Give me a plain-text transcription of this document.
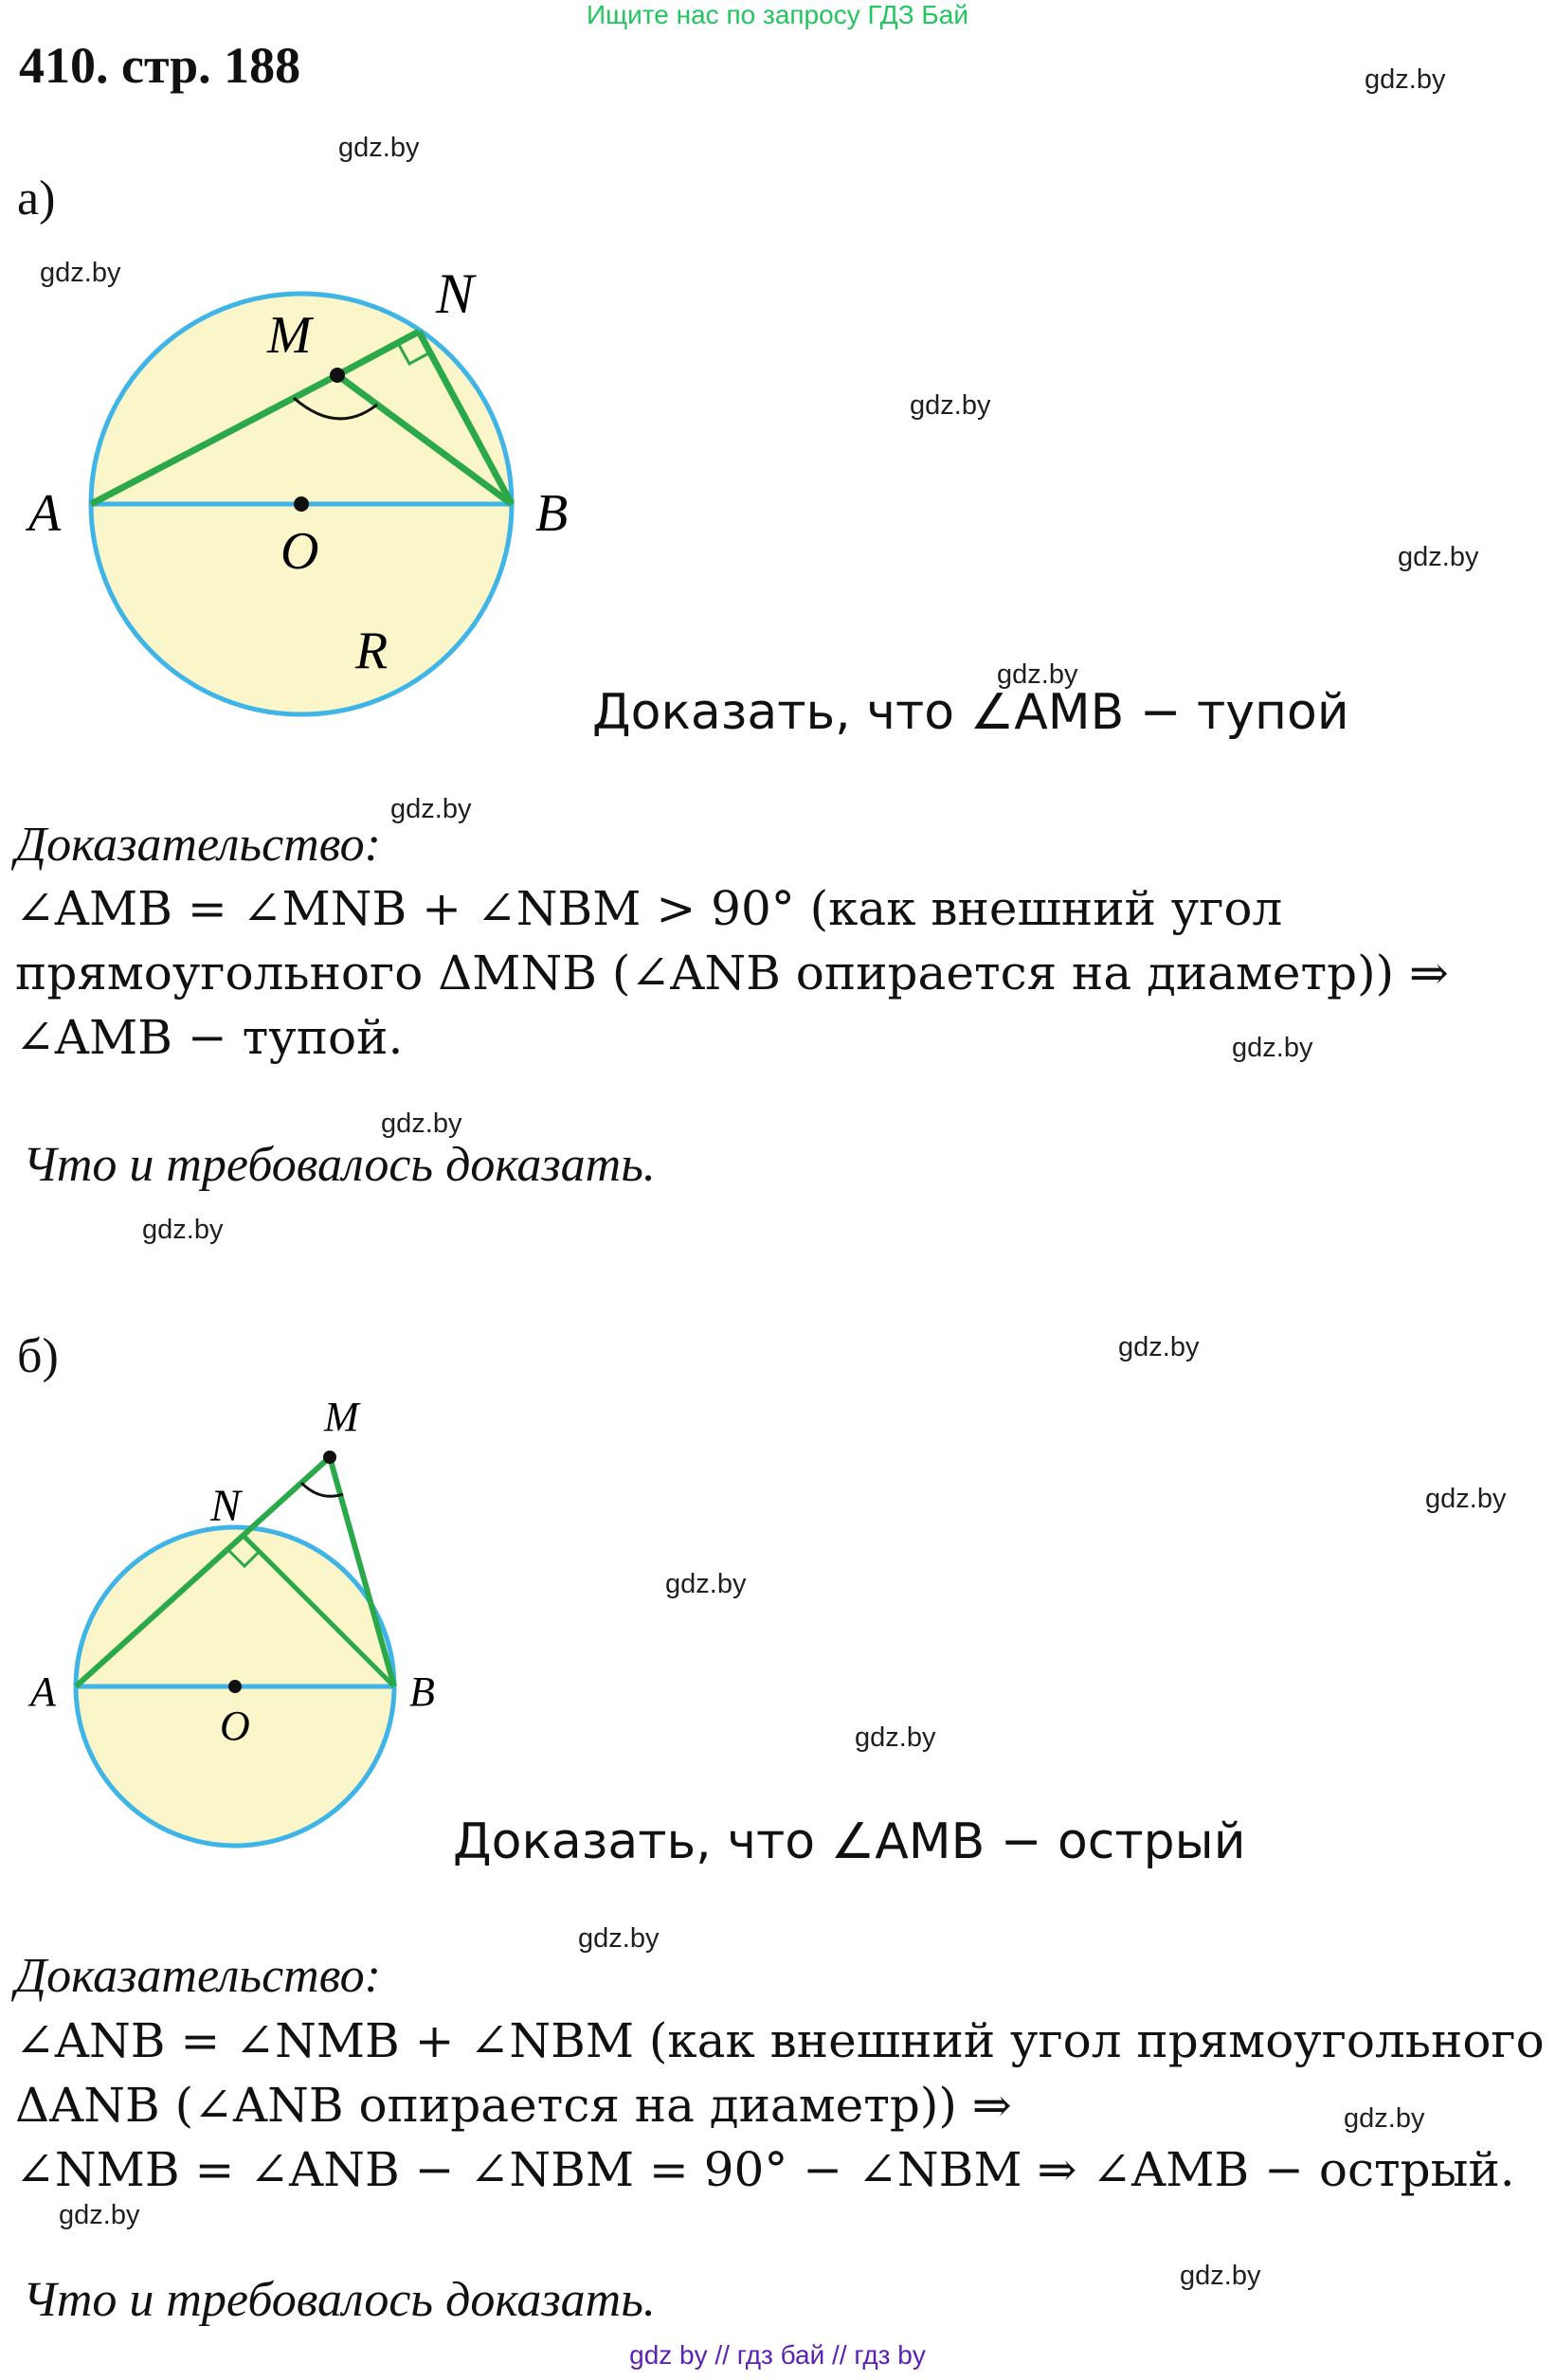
Ищите нас по запросу ГДЗ Бай
410. стр. 188	gdz.by
gdz.by
gdz.by
gdz.by
gdz.by
gdz.by
gdz.by
gdz.by
gdz.by
gdz.by
gdz.by
gdz.by
gdz.by
gdz.by
gdz.by
gdz.by
gdz.by
gdz.by
а)
A	B
M
N
O
R
Доказать, что ∠AMB − тупой
Доказательство:
∠AMB = ∠MNB + ∠NBM > 90° (как внешний угол
прямоугольного ΔMNB (∠ANB опирается на диаметр)) ⇒
∠AMB − тупой.
Что и требовалось доказать.
б)
A	B
M
N
O
Доказать, что ∠AMB − острый
Доказательство:
∠ANB = ∠NMB + ∠NBM (как внешний угол прямоугольного
ΔANB (∠ANB опирается на диаметр)) ⇒
∠NMB = ∠ANB − ∠NBM = 90° − ∠NBM ⇒ ∠AMB − острый.
Что и требовалось доказать.
gdz by // гдз бай // гдз by
